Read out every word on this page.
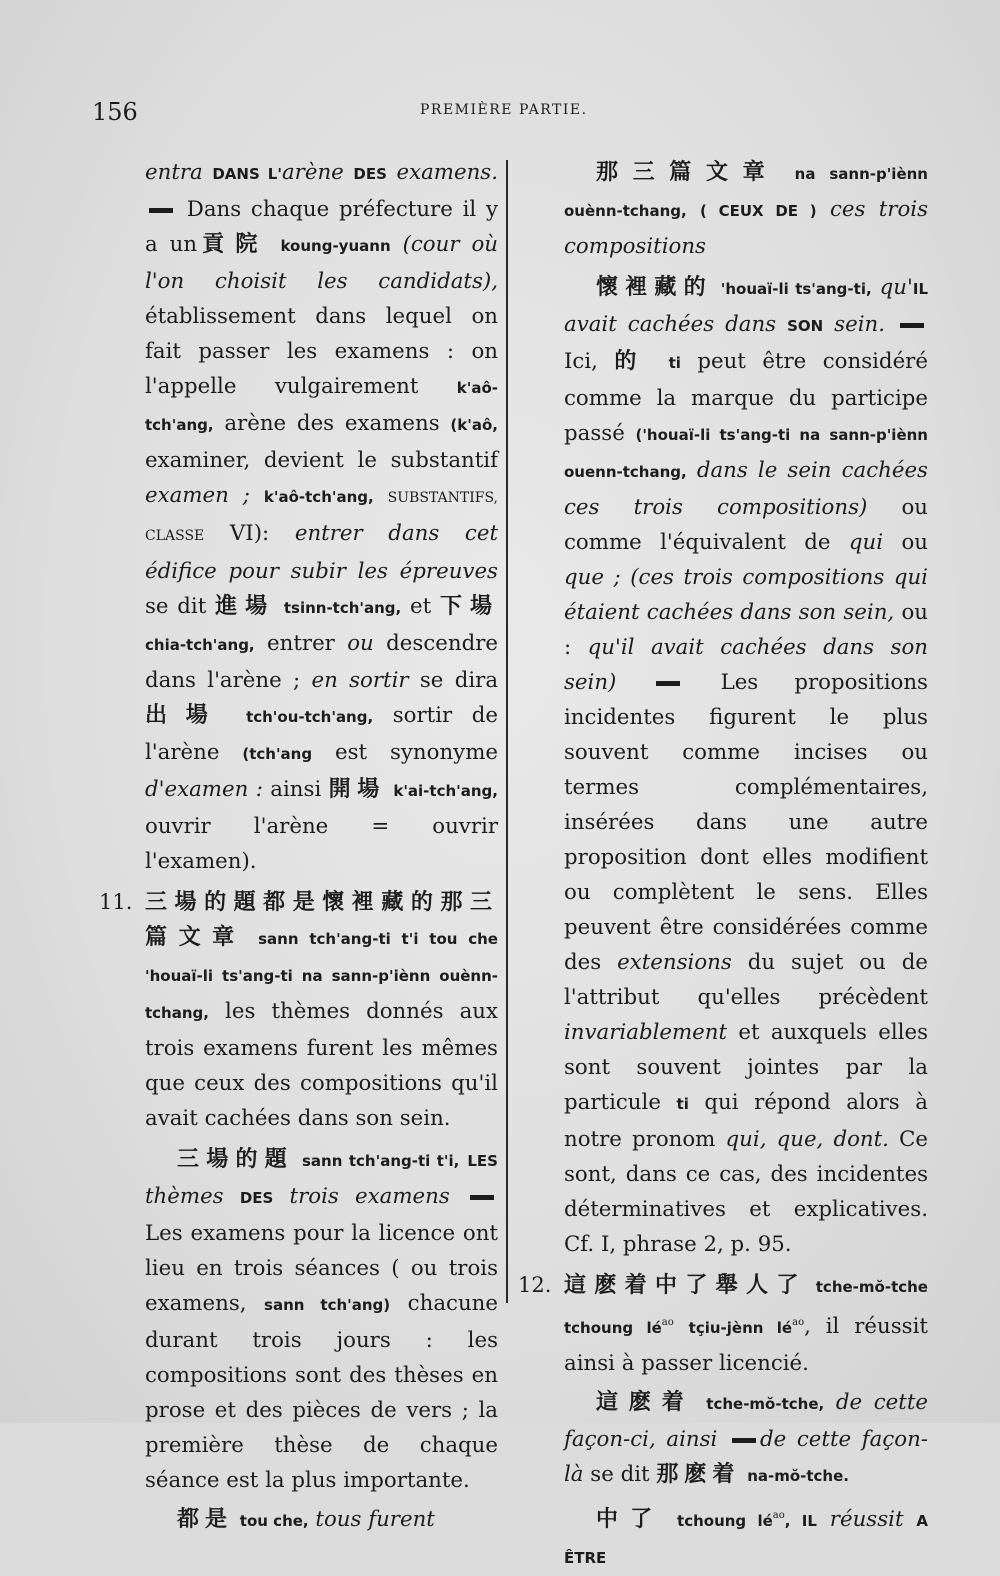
156	PREMIÈRE PARTIE.

entra DANS L'arène DES examens.  Dans chaque préfecture il y a un貢院 koung-yuann (cour où l'on choisit les candidats), établissement dans lequel on fait passer les examens : on l'appelle vulgairement	k'aô-tch'ang, arène des examens (k'aô, examiner, devient le substantif examen ; k'aô-tch'ang, SUBSTANTIFS, CLASSE VI): entrer dans cet édifice pour subir les épreuves se dit 進場 tsinn-tch'ang, et 下場 chia-tch'ang, entrer ou descendre dans l'arène ; en sortir se dira 出場 tch'ou-tch'ang, sortir de l'arène (tch'ang est synonyme d'examen : ainsi 開場 k'ai-tch'ang, ouvrir l'arène = ouvrir l'examen).

11. 三場的題都是懷裡藏的那三篇文章 sann tch'ang-ti t'i tou che 'houaï-li ts'ang-ti na sann-p'iènn ouènn-tchang, les thèmes donnés aux trois examens furent les mêmes que ceux des compositions qu'il avait cachées dans son sein.

三場的題 sann tch'ang-ti t'i, LES thèmes DES trois examens  Les examens pour la licence ont lieu en trois séances ( ou trois examens, sann tch'ang) chacune durant trois jours : les compositions sont des thèses en prose et des pièces de vers ; la première thèse de chaque séance est la plus importante.

都是 tou che, tous furent

那三篇文章 na sann-p'iènn ouènn-tchang, ( CEUX DE ) ces trois compositions

懷裡藏的 'houaï-li ts'ang-ti, qu'IL avait cachées dans SON sein.  Ici, 的 ti peut être considéré comme la marque du participe passé ('houaï-li ts'ang-ti na sann-p'iènn ouenn-tchang, dans le sein cachées ces trois compositions) ou comme l'équivalent de qui ou que ; (ces trois compositions qui étaient cachées dans son sein, ou : qu'il avait cachées dans son sein)	Les propositions incidentes figurent le plus souvent comme incises ou termes complémentaires, insérées dans une autre proposition dont elles modifient ou complètent le sens. Elles peuvent être considérées comme des extensions du sujet ou de l'attribut qu'elles précèdent invariablement et auxquels elles sont souvent jointes par la particule ti qui répond alors à notre pronom qui, que, dont. Ce sont, dans ce cas, des incidentes déterminatives et explicatives. Cf. I, phrase 2, p. 95.

12. 這麽着中了舉人了 tche-mŏ-tche tchoung $lé^{ao}$ tçiu-jènn $lé^{ao}$, il réussit ainsi à passer licencié.

這麽着 tche-mŏ-tche, de cette façon-ci, ainsi de cette façon-là se dit 那麽着 na-mŏ-tche.

中了 tchoung $lé^{ao}$, IL réussit A ÊTRE
